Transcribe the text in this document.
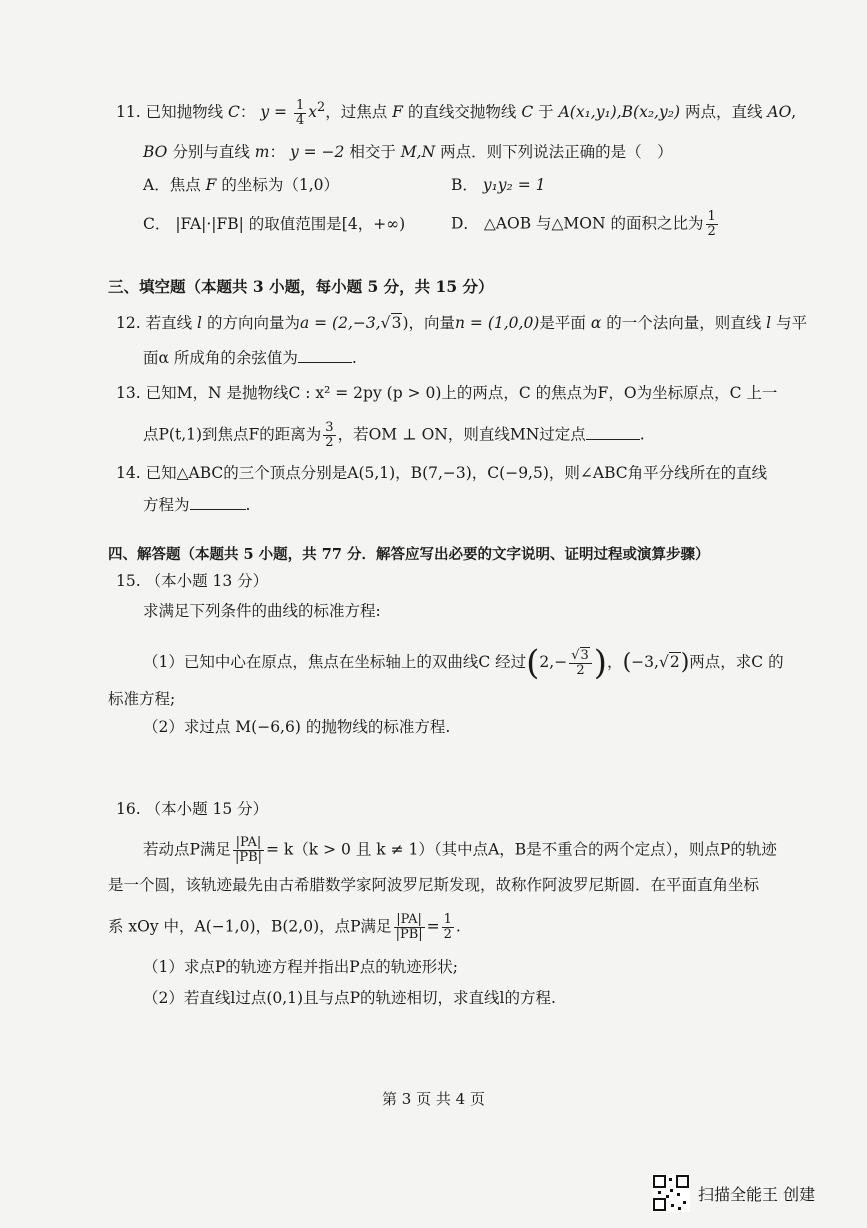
11. 已知抛物线 C： $y = \frac{1}{4} x^2$，过焦点 F 的直线交抛物线 C 于 A(x₁,y₁),B(x₂,y₂) 两点，直线 AO,
BO 分别与直线 m： y = −2 相交于 M,N 两点．则下列说法正确的是（　）
A．焦点 F 的坐标为（1,0）	B． y₁y₂ = 1
C． |FA|·|FB| 的取值范围是[4，+∞)	D． △AOB 与△MON 的面积之比为 $\frac{1}{2}$
三、填空题（本题共 3 小题，每小题 5 分，共 15 分）
12. 若直线 l 的方向向量为a = (2,−3,√3)，向量n = (1,0,0)是平面 α 的一个法向量，则直线 l 与平
面α 所成角的余弦值为	.
13. 已知M，N 是抛物线C : x² = 2py (p > 0)上的两点，C 的焦点为F，O为坐标原点，C 上一
点P(t,1)到焦点F的距离为 $\frac{3}{2}$ ，若OM ⊥ ON，则直线MN过定点	.
14. 已知△ABC的三个顶点分别是A(5,1)，B(7,−3)，C(−9,5)，则∠ABC角平分线所在的直线
方程为	.
四、解答题（本题共 5 小题，共 77 分．解答应写出必要的文字说明、证明过程或演算步骤）
15. （本小题 13 分）
求满足下列条件的曲线的标准方程:
（1）已知中心在原点，焦点在坐标轴上的双曲线C 经过($2,- \frac{√3}{2}$ )，(−3,√2)两点，求C 的
标准方程;
（2）求过点 M(−6,6) 的抛物线的标准方程.
16. （本小题 15 分）
若动点P满足 $\frac{|PA|}{|PB|} = k(k > 0$ 且 k ≠ 1）（其中点A，B是不重合的两个定点），则点P的轨迹
是一个圆，该轨迹最先由古希腊数学家阿波罗尼斯发现，故称作阿波罗尼斯圆．在平面直角坐标
系 xOy 中，A(−1,0)，B(2,0)，点P满足 $\frac{|PA|}{|PB|} = \frac{1}{2}$ .
（1）求点P的轨迹方程并指出P点的轨迹形状;
（2）若直线l过点(0,1)且与点P的轨迹相切，求直线l的方程.
第 3 页 共 4 页
扫描全能王 创建
